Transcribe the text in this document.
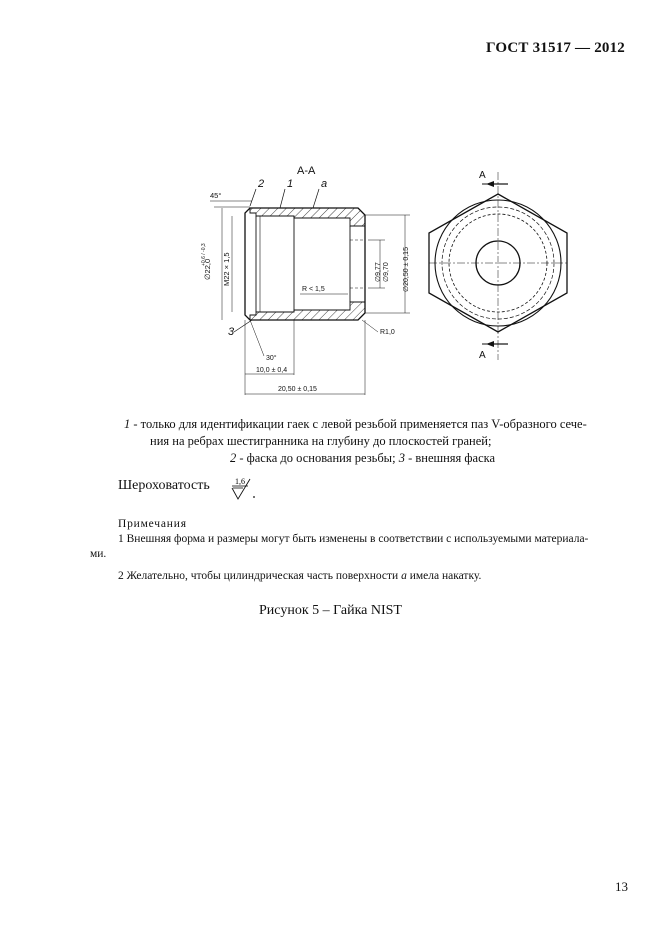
ГОСТ 31517 — 2012
А-А
2 1	a
3
45°
R < 1,5
∅22,0
+0,6 / -0,3 M22 × 1,5	∅9,77 ∅9,70 ∅20,50 ± 0,15
R1,0
30°
10,0 ± 0,4
20,50 ± 0,15
А
А
1 - только для идентификации гаек с левой резьбой применяется паз V-образного сече-
ния на ребрах шестигранника на глубину до плоскостей граней;
2 - фаска до основания резьбы; 3 - внешняя фаска
Шероховатость	1,6
Примечания
1 Внешняя форма и размеры могут быть изменены в соответствии с используемыми материала-
ми.
2 Желательно, чтобы цилиндрическая часть поверхности a имела накатку.
Рисунок 5 – Гайка NIST
13
